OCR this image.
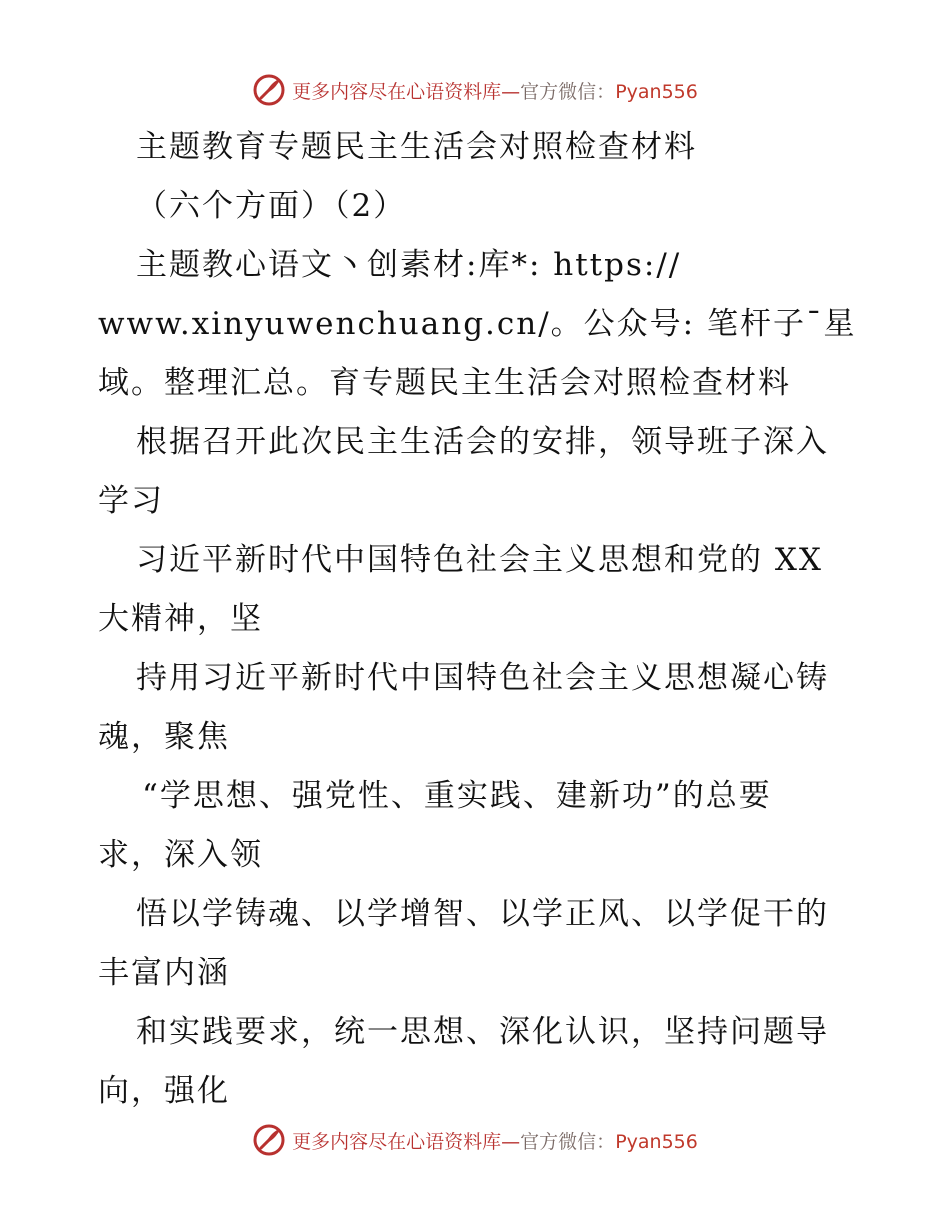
更多内容尽在心语资料库—官方微信：Pyan556
主题教育专题民主生活会对照检查材料
（六个方面）（2）
主题教心语文丶创素材:库*: https://
www.xinyuwenchuang.cn/。公众号: 笔杆子¯星
域。整理汇总。育专题民主生活会对照检查材料
根据召开此次民主生活会的安排，领导班子深入
学习
习近平新时代中国特色社会主义思想和党的 XX
大精神，坚
持用习近平新时代中国特色社会主义思想凝心铸
魂，聚焦
“学思想、强党性、重实践、建新功”的总要
求，深入领
悟以学铸魂、以学增智、以学正风、以学促干的
丰富内涵
和实践要求，统一思想、深化认识，坚持问题导
向，强化
更多内容尽在心语资料库—官方微信：Pyan556
